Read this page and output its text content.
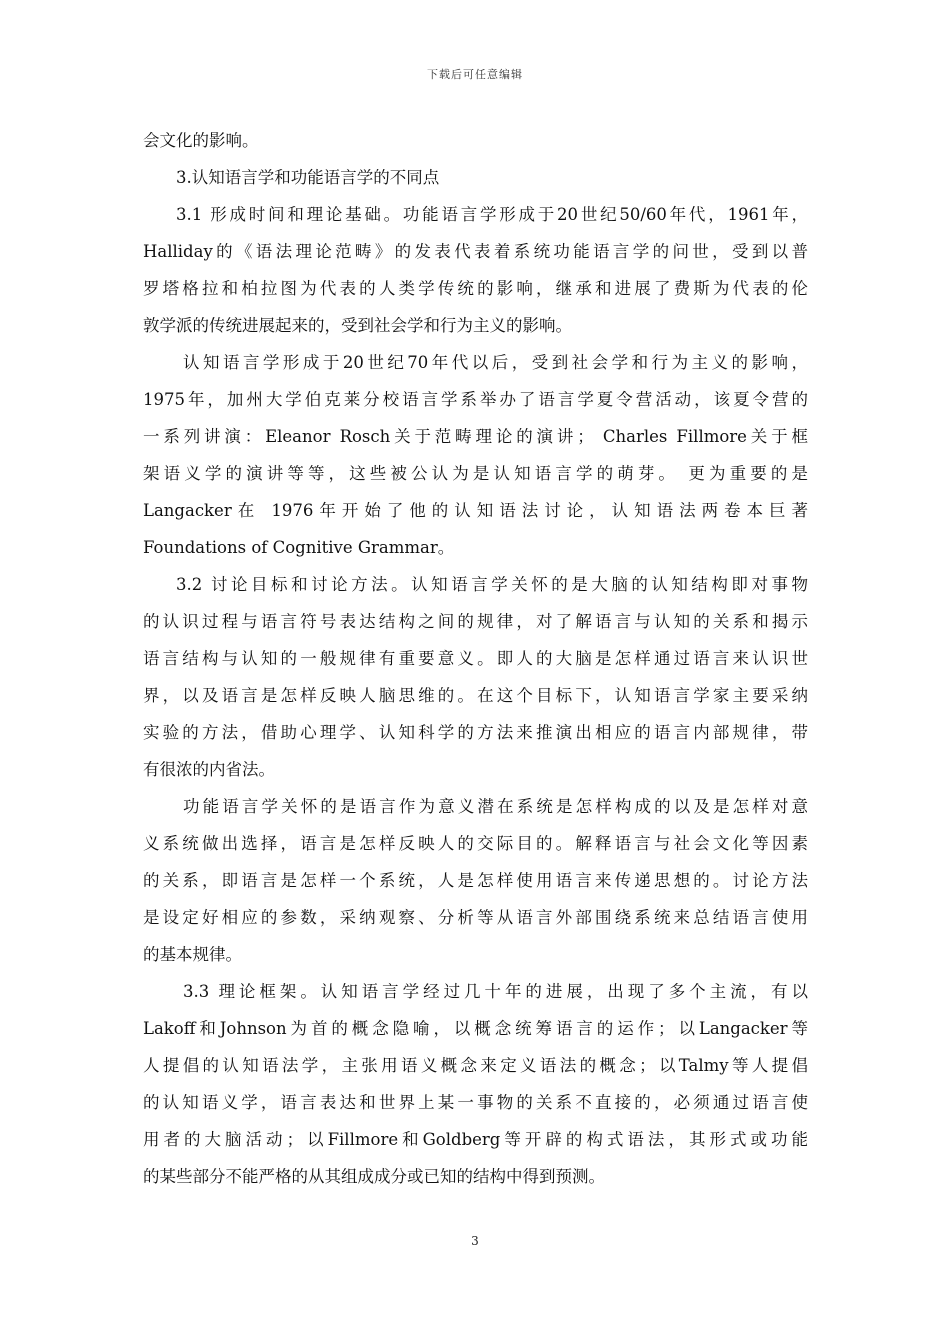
下载后可任意编辑
会文化的影响。
3.认知语言学和功能语言学的不同点
3.1 形成时间和理论基础。功能语言学形成于20世纪50/60年代，1961年，
Halliday的《语法理论范畴》的发表代表着系统功能语言学的问世，受到以普
罗塔格拉和柏拉图为代表的人类学传统的影响，继承和进展了费斯为代表的伦
敦学派的传统进展起来的，受到社会学和行为主义的影响。
认知语言学形成于20世纪70年代以后，受到社会学和行为主义的影响，
1975年，加州大学伯克莱分校语言学系举办了语言学夏令营活动，该夏令营的
一系列讲演：Eleanor Rosch关于范畴理论的演讲； Charles Fillmore关于框
架语义学的演讲等等，这些被公认为是认知语言学的萌芽。 更为重要的是
Langacker在 1976年开始了他的认知语法讨论，认知语法两卷本巨著
Foundations of Cognitive Grammar。
3.2 讨论目标和讨论方法。认知语言学关怀的是大脑的认知结构即对事物
的认识过程与语言符号表达结构之间的规律，对了解语言与认知的关系和揭示
语言结构与认知的一般规律有重要意义。即人的大脑是怎样通过语言来认识世
界，以及语言是怎样反映人脑思维的。在这个目标下，认知语言学家主要采纳
实验的方法，借助心理学、认知科学的方法来推演出相应的语言内部规律，带
有很浓的内省法。
功能语言学关怀的是语言作为意义潜在系统是怎样构成的以及是怎样对意
义系统做出选择，语言是怎样反映人的交际目的。解释语言与社会文化等因素
的关系，即语言是怎样一个系统，人是怎样使用语言来传递思想的。讨论方法
是设定好相应的参数，采纳观察、分析等从语言外部围绕系统来总结语言使用
的基本规律。
3.3 理论框架。认知语言学经过几十年的进展，出现了多个主流，有以
Lakoff和Johnson为首的概念隐喻，以概念统筹语言的运作；以Langacker等
人提倡的认知语法学，主张用语义概念来定义语法的概念；以Talmy等人提倡
的认知语义学，语言表达和世界上某一事物的关系不直接的，必须通过语言使
用者的大脑活动；以Fillmore和Goldberg等开辟的构式语法，其形式或功能
的某些部分不能严格的从其组成成分或已知的结构中得到预测。
3
